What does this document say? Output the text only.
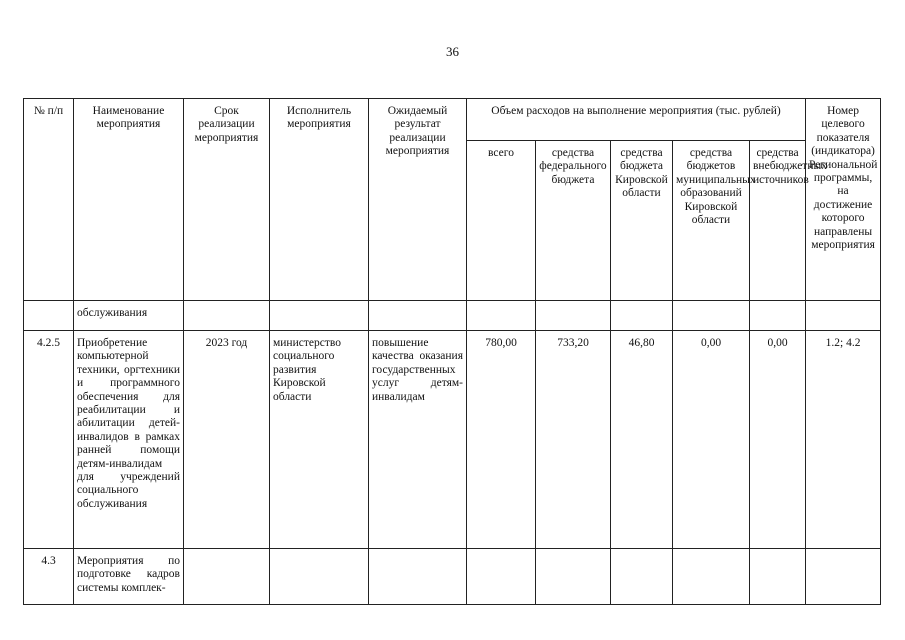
36
№ п/п	Наименование мероприятия	Срок реализации мероприятия	Исполнитель мероприятия	Ожидаемый результат реализации мероприятия	Объем расходов на выполнение мероприятия (тыс. рублей)					Номер целевого показателя (индикатора) Региональной программы, на достижение которого направлены мероприятия
					всего	средства федерального бюджета	средства бюджета Кировской области	средства бюджетов муниципальных образований Кировской области	средства внебюджетных источников	
	обслуживания									
4.2.5	Приобретение компьютерной техники, оргтехники и программного обеспечения для реабилитации и абилитации детей-инвалидов в рамках ранней помощи детям-инвалидам для учреждений социального обслуживания	2023 год	министерство социального развития Кировской области	повышение качества оказания государственных услуг детям-инвалидам	780,00	733,20	46,80	0,00	0,00	1.2; 4.2
4.3	Мероприятия по подготовке кадров системы комплек-									
